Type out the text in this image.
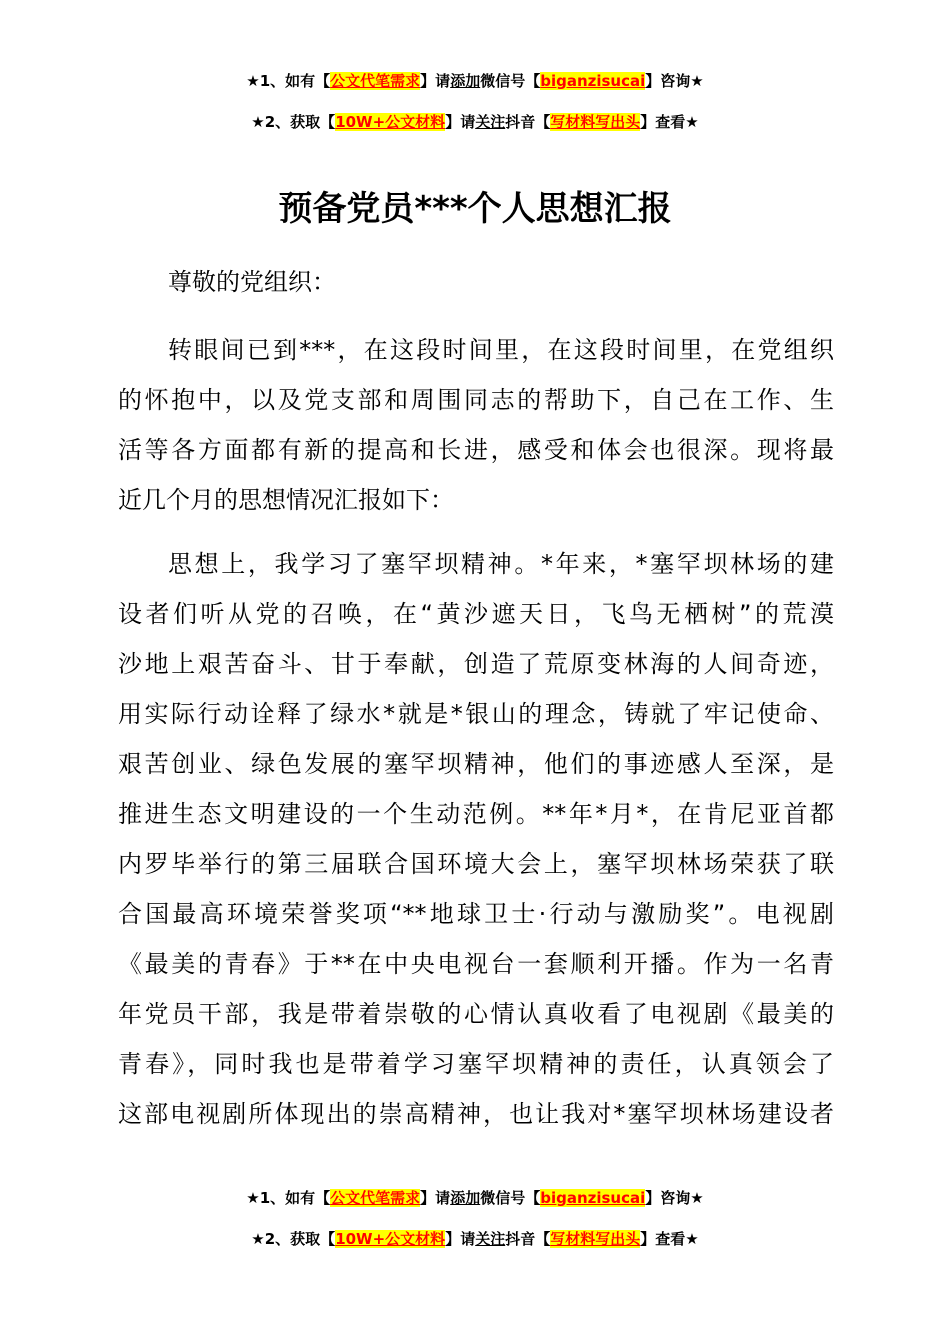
★1、如有【公文代笔需求】请添加微信号【biganzisucai】咨询★
★2、获取【10W+公文材料】请关注抖音【写材料写出头】查看★
预备党员***个人思想汇报
尊敬的党组织：
转眼间已到***，在这段时间里，在这段时间里，在党组织
的怀抱中，以及党支部和周围同志的帮助下，自己在工作、生
活等各方面都有新的提高和长进，感受和体会也很深。现将最
近几个月的思想情况汇报如下：
思想上，我学习了塞罕坝精神。*年来，*塞罕坝林场的建
设者们听从党的召唤，在“黄沙遮天日，飞鸟无栖树”的荒漠
沙地上艰苦奋斗、甘于奉献，创造了荒原变林海的人间奇迹，
用实际行动诠释了绿水*就是*银山的理念，铸就了牢记使命、
艰苦创业、绿色发展的塞罕坝精神，他们的事迹感人至深，是
推进生态文明建设的一个生动范例。**年*月*，在肯尼亚首都
内罗毕举行的第三届联合国环境大会上，塞罕坝林场荣获了联
合国最高环境荣誉奖项“**地球卫士·行动与激励奖”。电视剧
《最美的青春》于**在中央电视台一套顺利开播。作为一名青
年党员干部，我是带着崇敬的心情认真收看了电视剧《最美的
青春》，同时我也是带着学习塞罕坝精神的责任，认真领会了
这部电视剧所体现出的崇高精神，也让我对*塞罕坝林场建设者
★1、如有【公文代笔需求】请添加微信号【biganzisucai】咨询★
★2、获取【10W+公文材料】请关注抖音【写材料写出头】查看★
